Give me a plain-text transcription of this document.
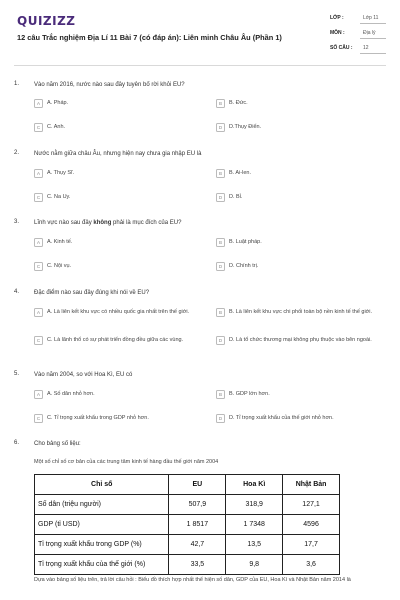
QUIZIZZ
12 câu Trắc nghiệm Địa Lí 11 Bài 7 (có đáp án): Liên minh Châu Âu (Phần 1)
LỚP :	Lớp 11
MÔN :	Địa lý
SỐ CÂU : 12
1. Vào năm 2016, nước nào sau đây tuyên bố rời khỏi EU?
A	A. Pháp.	B	B. Đức.
C	C. Anh.	D	D.Thụy Điển.
2. Nước nằm giữa châu Âu, nhưng hiện nay chưa gia nhập EU là
A	A. Thụy Sĩ.	B	B. Ai-len.
C	C. Na Uy.	D	D. Bỉ.
3. Lĩnh vực nào sau đây không phải là mục đích của EU?
A	A. Kinh tế.	B	B. Luật pháp.
C	C. Nội vụ.	D	D. Chính trị.
4. Đặc điểm nào sau đây đúng khi nói về EU?
A	A. Là liên kết khu vực có nhiều quốc gia nhất trên thế giới.	B	B. Là liên kết khu vực chi phối toàn bộ nền kinh tế thế giới.
C	C. Là lãnh thổ có sự phát triển đồng đều giữa các vùng.	D	D. Là tổ chức thương mại không phụ thuộc vào bên ngoài.
5. Vào năm 2004, so với Hoa Kì, EU có
A	A. Số dân nhỏ hơn.	B	B. GDP lớn hơn.
C	C. Tỉ trọng xuất khẩu trong GDP nhỏ hơn.	D	D. Tỉ trọng xuất khẩu của thế giới nhỏ hơn.
6. Cho bảng số liệu:
Một số chỉ số cơ bản của các trung tâm kinh tế hàng đầu thế giới năm 2004
Chỉ số	EU	Hoa Kì	Nhật Bản
Số dân (triệu người)	507,9	318,9	127,1
GDP (tỉ USD)	1 8517	1 7348	4596
Tỉ trọng xuất khẩu trong GDP (%)	42,7	13,5	17,7
Tỉ trọng xuất khẩu của thế giới (%)	33,5	9,8	3,6
Dựa vào bảng số liệu trên, trả lời câu hỏi : Biểu đồ thích hợp nhất thể hiện số dân, GDP của EU, Hoa Kì và Nhật Bản năm 2014 là
